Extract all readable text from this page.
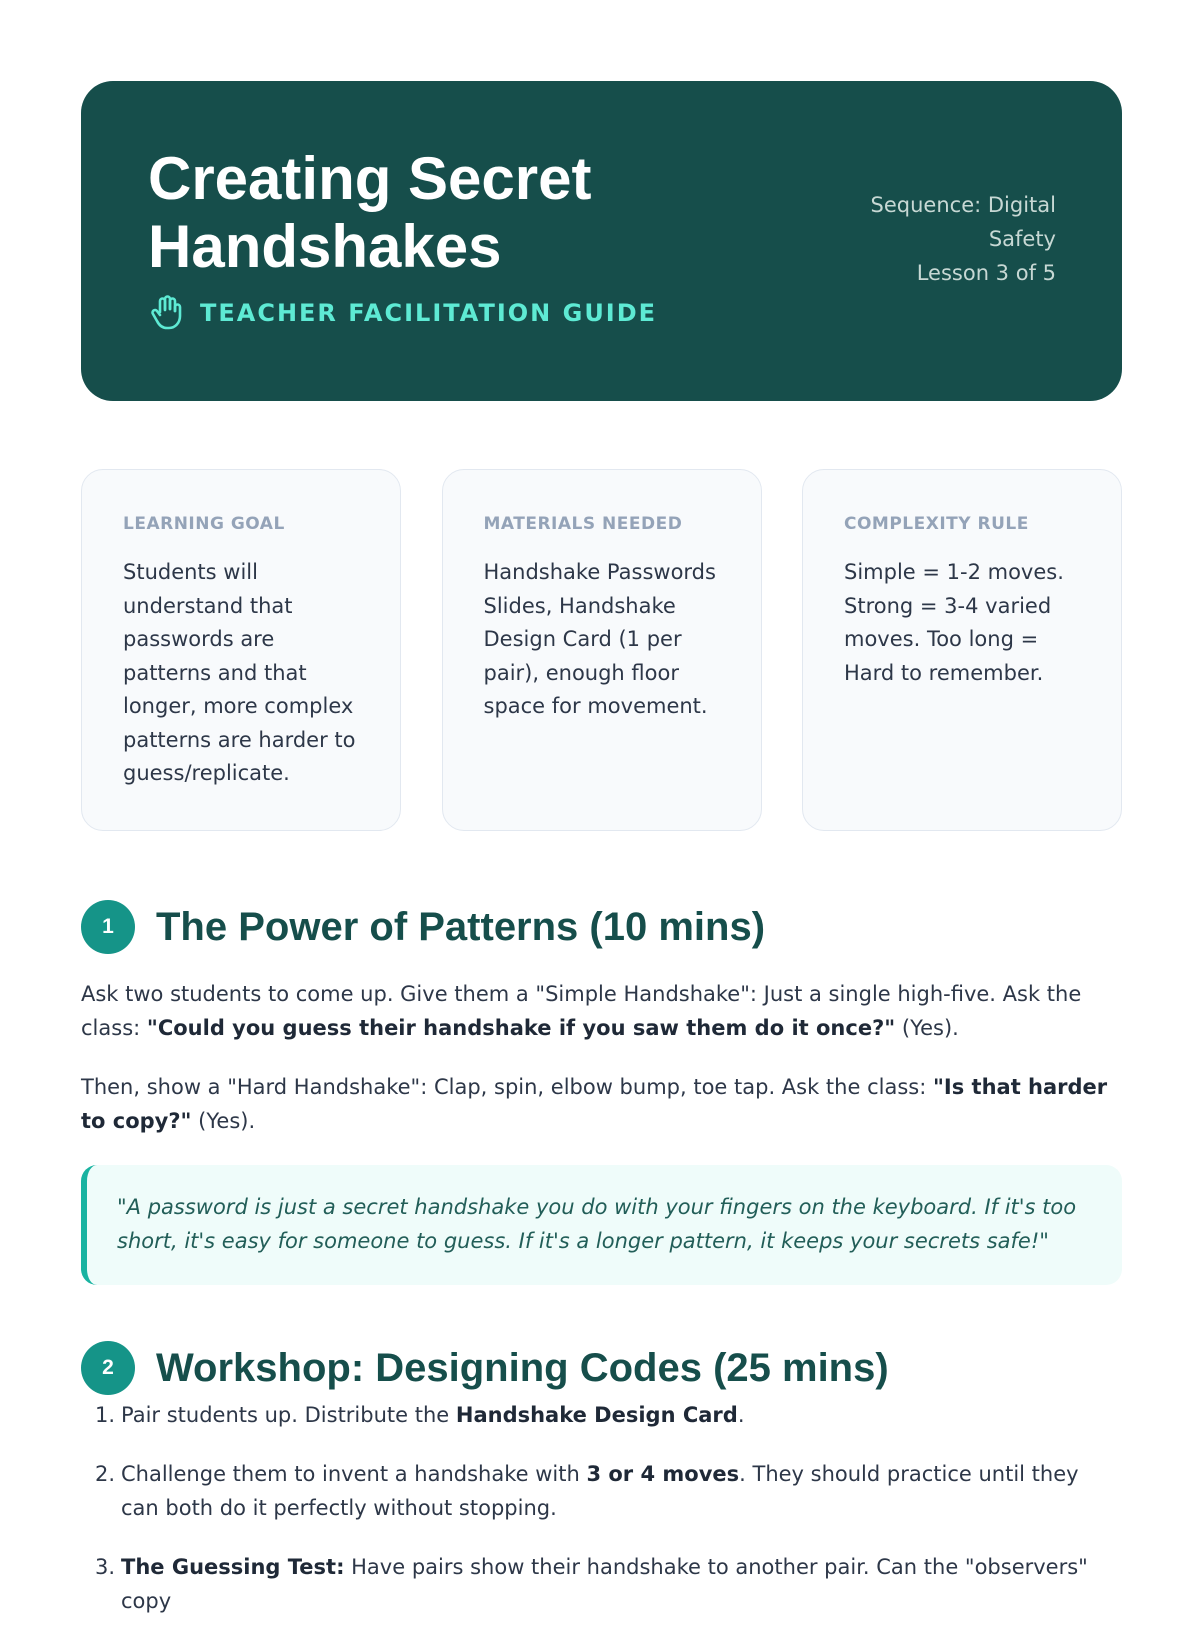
Creating Secret Handshakes
TEACHER FACILITATION GUIDE
Sequence: Digital Safety
Lesson 3 of 5
LEARNING GOAL
Students will understand that passwords are patterns and that longer, more complex patterns are harder to guess/replicate.
MATERIALS NEEDED
Handshake Passwords Slides, Handshake Design Card (1 per pair), enough floor space for movement.
COMPLEXITY RULE
Simple = 1-2 moves. Strong = 3-4 varied moves. Too long = Hard to remember.
1	The Power of Patterns (10 mins)

Ask two students to come up. Give them a "Simple Handshake": Just a single high-five. Ask the class: "Could you guess their handshake if you saw them do it once?" (Yes).

Then, show a "Hard Handshake": Clap, spin, elbow bump, toe tap. Ask the class: "Is that harder to copy?" (Yes).

"A password is just a secret handshake you do with your fingers on the keyboard. If it's too short, it's easy for someone to guess. If it's a longer pattern, it keeps your secrets safe!"
2	Workshop: Designing Codes (25 mins)
1. Pair students up. Distribute the Handshake Design Card.
2. Challenge them to invent a handshake with 3 or 4 moves. They should practice until they can both do it perfectly without stopping.
3. The Guessing Test: Have pairs show their handshake to another pair. Can the "observers" copy
